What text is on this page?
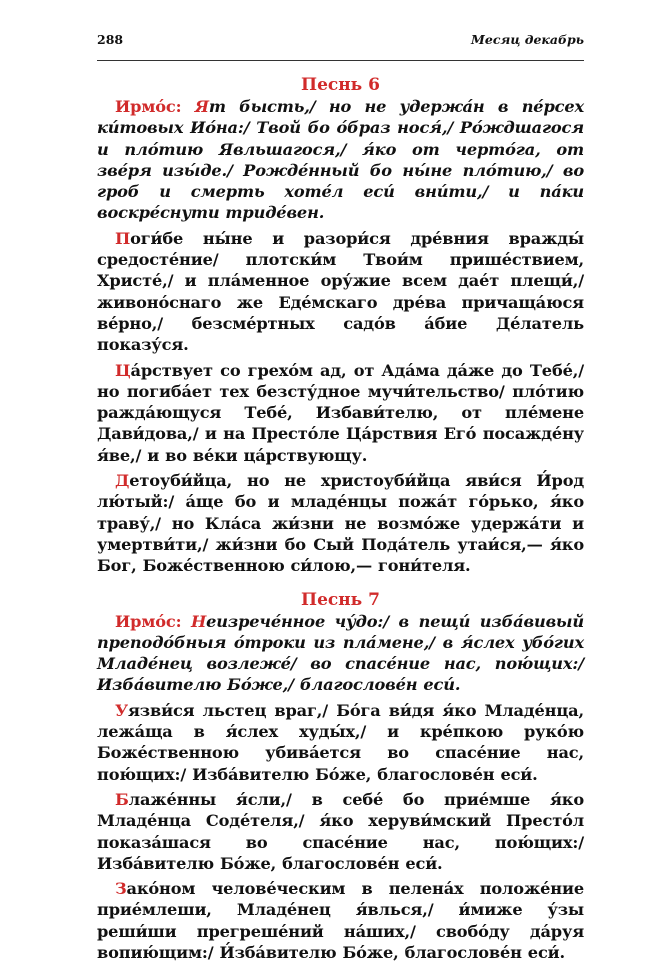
288	Месяц декабрь
Песнь 6

Ирмо́с: Ят бысть,/ но не удержа́н в пе́рсех ки́товых Ио́на:/ Твой бо о́браз нося́,/ Ро́ждшагося и пло́тию Явльшагося,/ я́ко от черто́га, от зве́ря изы́де./ Рожде́нный бо ны́не пло́тию,/ во гроб и смерть хоте́л еси́ вни́ти,/ и па́ки воскре́снути триде́вен.

Поги́бе ны́не и разори́ся дре́вния вражды́ средосте́ние/ плотски́м Твои́м прише́ствием, Христе́,/ и пла́менное ору́жие всем дае́т плещи́,/ живоно́снаго же Еде́мскаго дре́ва причаща́юся ве́рно,/ безсме́ртных садо́в а́бие Де́латель показу́ся.

Ца́рствует со грехо́м ад, от Ада́ма да́же до Тебе́,/ но погиба́ет тех безсту́дное мучи́тельство/ пло́тию ражда́ющуся Тебе́, Избави́телю, от пле́мене Дави́дова,/ и на Престо́ле Ца́рствия Его́ посажде́ну я́ве,/ и во ве́ки ца́рствующу.

Детоуби́йца, но не христоуби́йца яви́ся И́род лю́тый:/ а́ще бо и младе́нцы пожа́т го́рько, я́ко траву́,/ но Кла́са жи́зни не возмо́же удержа́ти и умертви́ти,/ жи́зни бо Сый Пода́тель утаи́ся,— я́ко Бог, Боже́ственною си́лою,— гони́теля.

Песнь 7

Ирмо́с: Неизрече́нное чу́до:/ в пещи́ изба́вивый преподо́бныя о́троки из пла́мене,/ в я́слех убо́гих Младе́нец возлеже́/ во спасе́ние нас, пою́щих:/ Изба́вителю Бо́же,/ благослове́н еси́.

Уязви́ся льстец враг,/ Бо́га ви́дя я́ко Младе́нца, лежа́ща в я́слех худы́х,/ и кре́пкою руко́ю Боже́ственною убива́ется во спасе́ние нас, пою́щих:/ Изба́вителю Бо́же, благослове́н еси́.

Блаже́нны я́сли,/ в себе́ бо прие́мше я́ко Младе́нца Соде́теля,/ я́ко херуви́мский Престо́л показа́шася во спасе́ние нас, пою́щих:/ Изба́вителю Бо́же, благослове́н еси́.

Зако́ном челове́ческим в пелена́х положе́ние прие́млеши, Младе́нец я́влься,/ и́миже у́зы реши́ши прегреше́ний на́ших,/ свобо́ду да́руя вопию́щим:/ И́зба́вителю Бо́же, благослове́н еси́.
